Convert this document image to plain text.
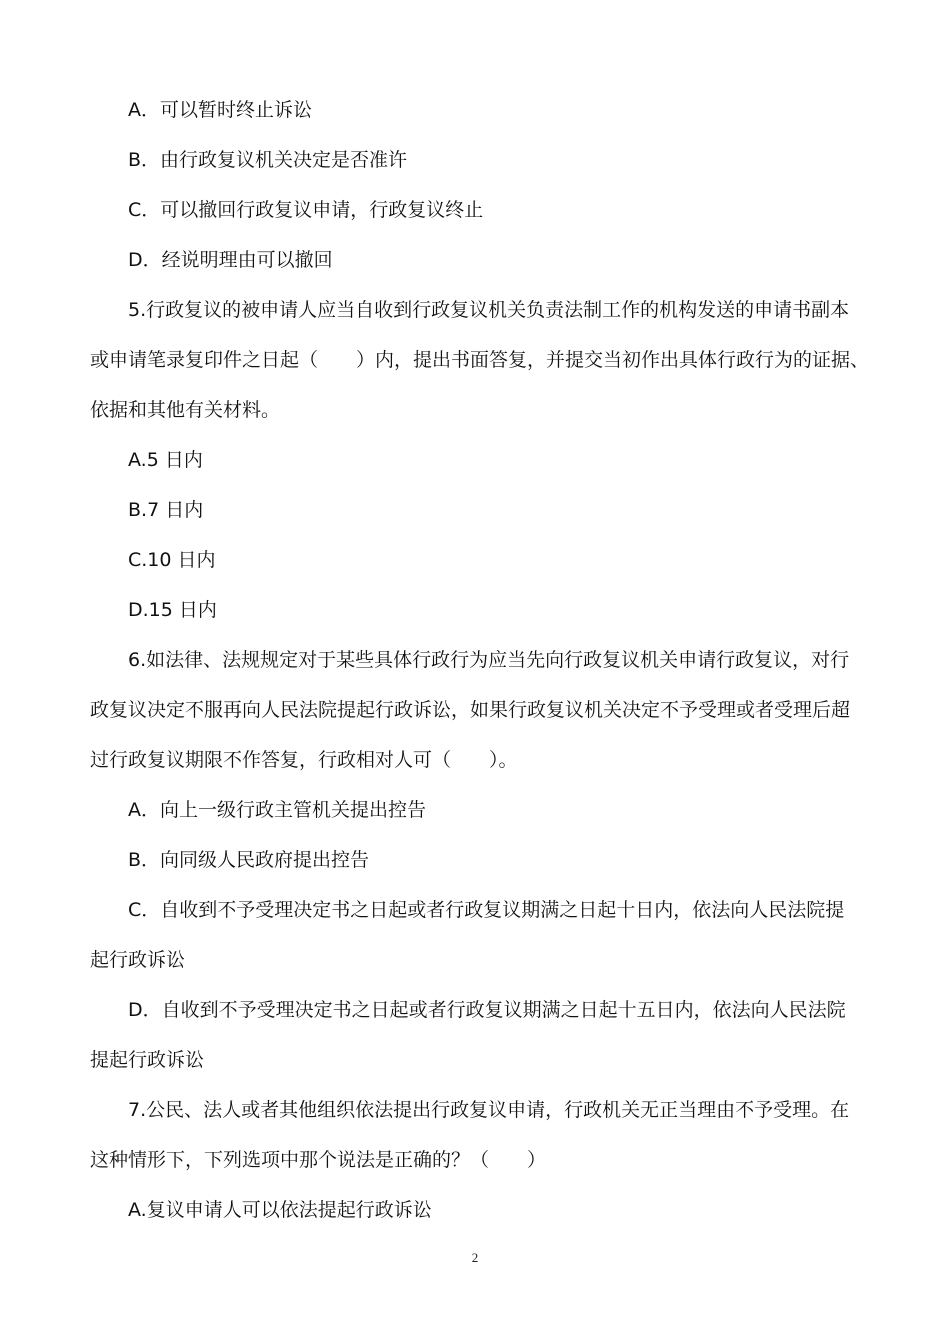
A．可以暂时终止诉讼
B．由行政复议机关决定是否准许
C．可以撤回行政复议申请，行政复议终止
D．经说明理由可以撤回
5.行政复议的被申请人应当自收到行政复议机关负责法制工作的机构发送的申请书副本
或申请笔录复印件之日起（　　）内，提出书面答复，并提交当初作出具体行政行为的证据、
依据和其他有关材料。
A.5 日内
B.7 日内
C.10 日内
D.15 日内
6.如法律、法规规定对于某些具体行政行为应当先向行政复议机关申请行政复议，对行
政复议决定不服再向人民法院提起行政诉讼，如果行政复议机关决定不予受理或者受理后超
过行政复议期限不作答复，行政相对人可（　　）。
A．向上一级行政主管机关提出控告
B．向同级人民政府提出控告
C．自收到不予受理决定书之日起或者行政复议期满之日起十日内，依法向人民法院提
起行政诉讼
D．自收到不予受理决定书之日起或者行政复议期满之日起十五日内，依法向人民法院
提起行政诉讼
7.公民、法人或者其他组织依法提出行政复议申请，行政机关无正当理由不予受理。在
这种情形下，下列选项中那个说法是正确的？（　　）
A.复议申请人可以依法提起行政诉讼
2
